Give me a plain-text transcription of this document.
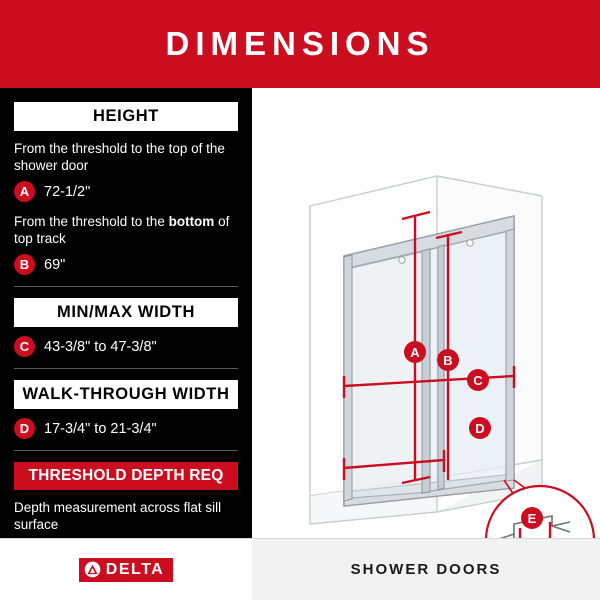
DIMENSIONS
HEIGHT
From the threshold to the top of the shower door
A	72-1/2"
From the threshold to the bottom of top track
B	69"
MIN/MAX WIDTH
C	43-3/8" to 47-3/8"
WALK-THROUGH WIDTH
D	17-3/4" to 21-3/4"
THRESHOLD DEPTH REQ
Depth measurement across flat sill surface
A
B
C
D
E
DELTA	SHOWER DOORS
